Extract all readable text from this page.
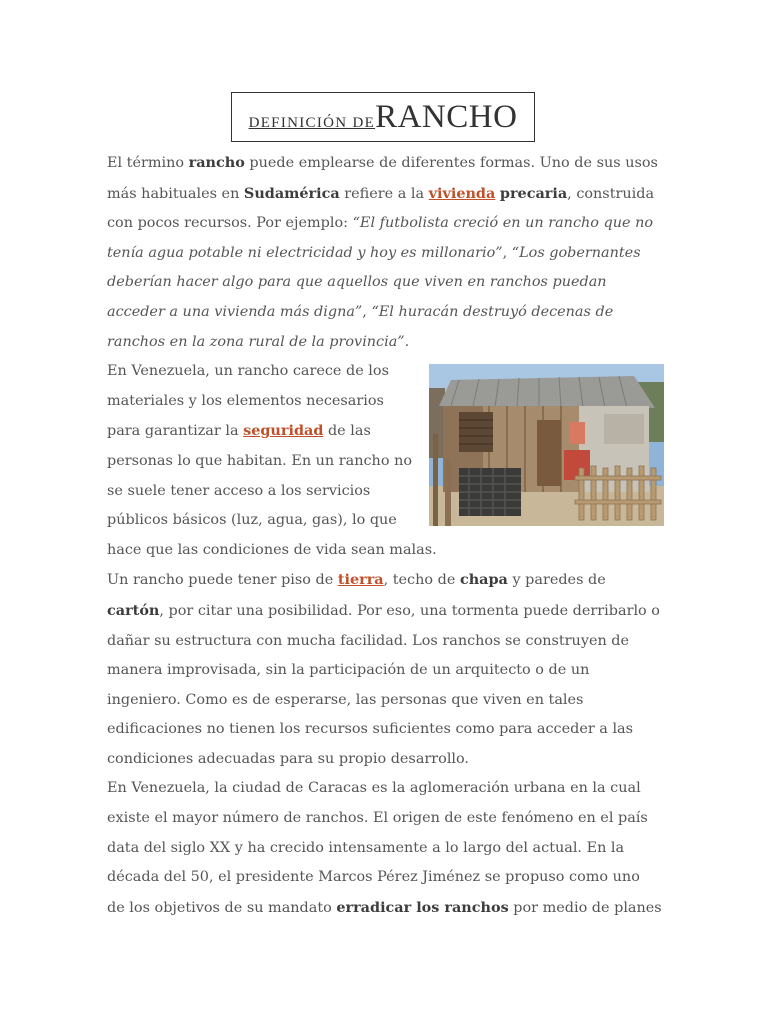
DEFINICIÓN DE RANCHO

El término rancho puede emplearse de diferentes formas. Uno de sus usos más habituales en Sudamérica refiere a la vivienda precaria, construida con pocos recursos. Por ejemplo: “El futbolista creció en un rancho que no tenía agua potable ni electricidad y hoy es millonario”, “Los gobernantes deberían hacer algo para que aquellos que viven en ranchos puedan acceder a una vivienda más digna”, “El huracán destruyó decenas de ranchos en la zona rural de la provincia”.

En Venezuela, un rancho carece de los materiales y los elementos necesarios para garantizar la seguridad de las personas lo que habitan. En un rancho no se suele tener acceso a los servicios públicos básicos (luz, agua, gas), lo que hace que las condiciones de vida sean malas.

Un rancho puede tener piso de tierra, techo de chapa y paredes de cartón, por citar una posibilidad. Por eso, una tormenta puede derribarlo o dañar su estructura con mucha facilidad. Los ranchos se construyen de manera improvisada, sin la participación de un arquitecto o de un ingeniero. Como es de esperarse, las personas que viven en tales edificaciones no tienen los recursos suficientes como para acceder a las condiciones adecuadas para su propio desarrollo.

En Venezuela, la ciudad de Caracas es la aglomeración urbana en la cual existe el mayor número de ranchos. El origen de este fenómeno en el país data del siglo XX y ha crecido intensamente a lo largo del actual. En la década del 50, el presidente Marcos Pérez Jiménez se propuso como uno de los objetivos de su mandato erradicar los ranchos por medio de planes
